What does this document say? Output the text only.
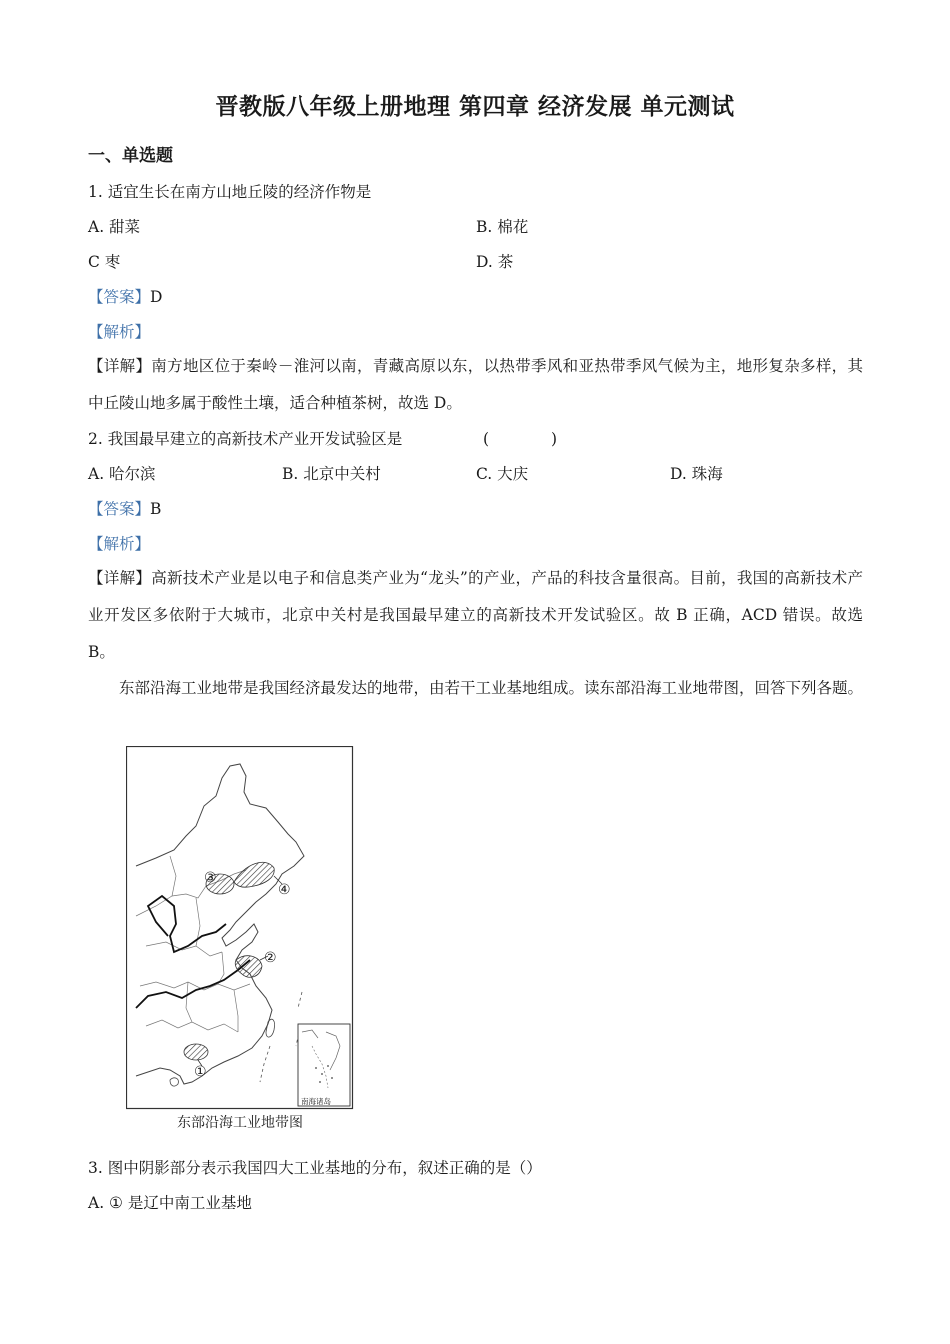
晋教版八年级上册地理 第四章 经济发展 单元测试
一、单选题
1. 适宜生长在南方山地丘陵的经济作物是
A. 甜菜	B. 棉花
C 枣	D. 茶
【答案】D
【解析】
【详解】南方地区位于秦岭－淮河以南，青藏高原以东，以热带季风和亚热带季风气候为主，地形复杂多样，其中丘陵山地多属于酸性土壤，适合种植茶树，故选 D。
2. 我国最早建立的高新技术产业开发试验区是	(　　　　)
A. 哈尔滨	B. 北京中关村	C. 大庆	D. 珠海
【答案】B
【解析】
【详解】高新技术产业是以电子和信息类产业为“龙头”的产业，产品的科技含量很高。目前，我国的高新技术产业开发区多依附于大城市，北京中关村是我国最早建立的高新技术开发试验区。故 B 正确，ACD 错误。故选 B。
东部沿海工业地带是我国经济最发达的地带，由若干工业基地组成。读东部沿海工业地带图，回答下列各题。
③
④
②
①
南海诸岛
东部沿海工业地带图
3. 图中阴影部分表示我国四大工业基地的分布，叙述正确的是（）
A. ① 是辽中南工业基地
